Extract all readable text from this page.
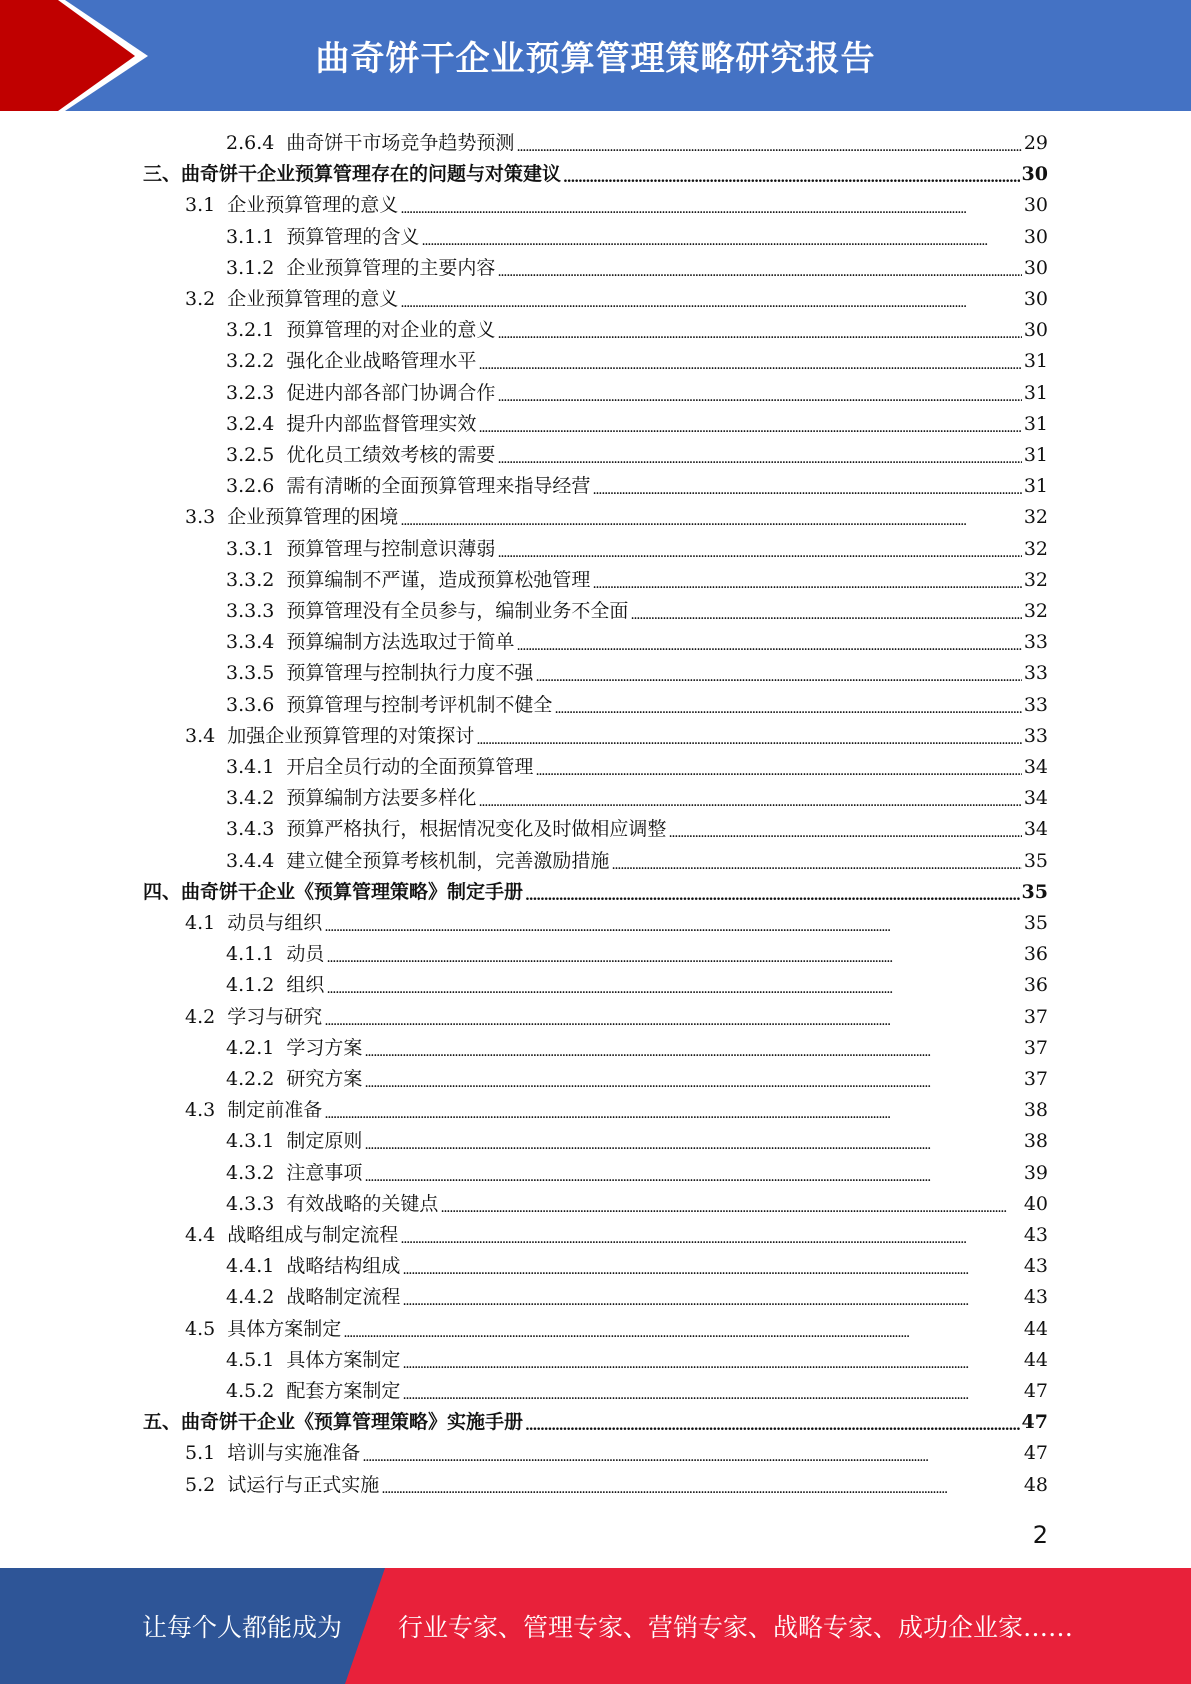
曲奇饼干企业预算管理策略研究报告
2.6.4 曲奇饼干市场竞争趋势预测 . . .	29
三、 曲奇饼干企业预算管理存在的问题与对策建议 . . .	30
3.1 企业预算管理的意义 . . .	30
3.1.1 预算管理的含义 . . .	30
3.1.2 企业预算管理的主要内容 . . .	30
3.2 企业预算管理的意义 . . .	30
3.2.1 预算管理的对企业的意义 . . .	30
3.2.2 强化企业战略管理水平 . . .	31
3.2.3 促进内部各部门协调合作 . . .	31
3.2.4 提升内部监督管理实效 . . .	31
3.2.5 优化员工绩效考核的需要 . . .	31
3.2.6 需有清晰的全面预算管理来指导经营 . . .	31
3.3 企业预算管理的困境 . . .	32
3.3.1 预算管理与控制意识薄弱 . . .	32
3.3.2 预算编制不严谨，造成预算松弛管理 . . .	32
3.3.3 预算管理没有全员参与，编制业务不全面 . . .	32
3.3.4 预算编制方法选取过于简单 . . .	33
3.3.5 预算管理与控制执行力度不强 . . .	33
3.3.6 预算管理与控制考评机制不健全 . . .	33
3.4 加强企业预算管理的对策探讨 . . .	33
3.4.1 开启全员行动的全面预算管理 . . .	34
3.4.2 预算编制方法要多样化 . . .	34
3.4.3 预算严格执行，根据情况变化及时做相应调整 . . .	34
3.4.4 建立健全预算考核机制，完善激励措施 . . .	35
四、 曲奇饼干企业《预算管理策略》制定手册 . . .	35
4.1 动员与组织 . . .	35
4.1.1 动员 . . .	36
4.1.2 组织 . . .	36
4.2 学习与研究 . . .	37
4.2.1 学习方案 . . .	37
4.2.2 研究方案 . . .	37
4.3 制定前准备 . . .	38
4.3.1 制定原则 . . .	38
4.3.2 注意事项 . . .	39
4.3.3 有效战略的关键点 . . .	40
4.4 战略组成与制定流程 . . .	43
4.4.1 战略结构组成 . . .	43
4.4.2 战略制定流程 . . .	43
4.5 具体方案制定 . . .	44
4.5.1 具体方案制定 . . .	44
4.5.2 配套方案制定 . . .	47
五、 曲奇饼干企业《预算管理策略》实施手册 . . .	47
5.1 培训与实施准备 . . .	47
5.2 试运行与正式实施 . . .	48
2
让每个人都能成为 行业专家、管理专家、营销专家、战略专家、成功企业家……
